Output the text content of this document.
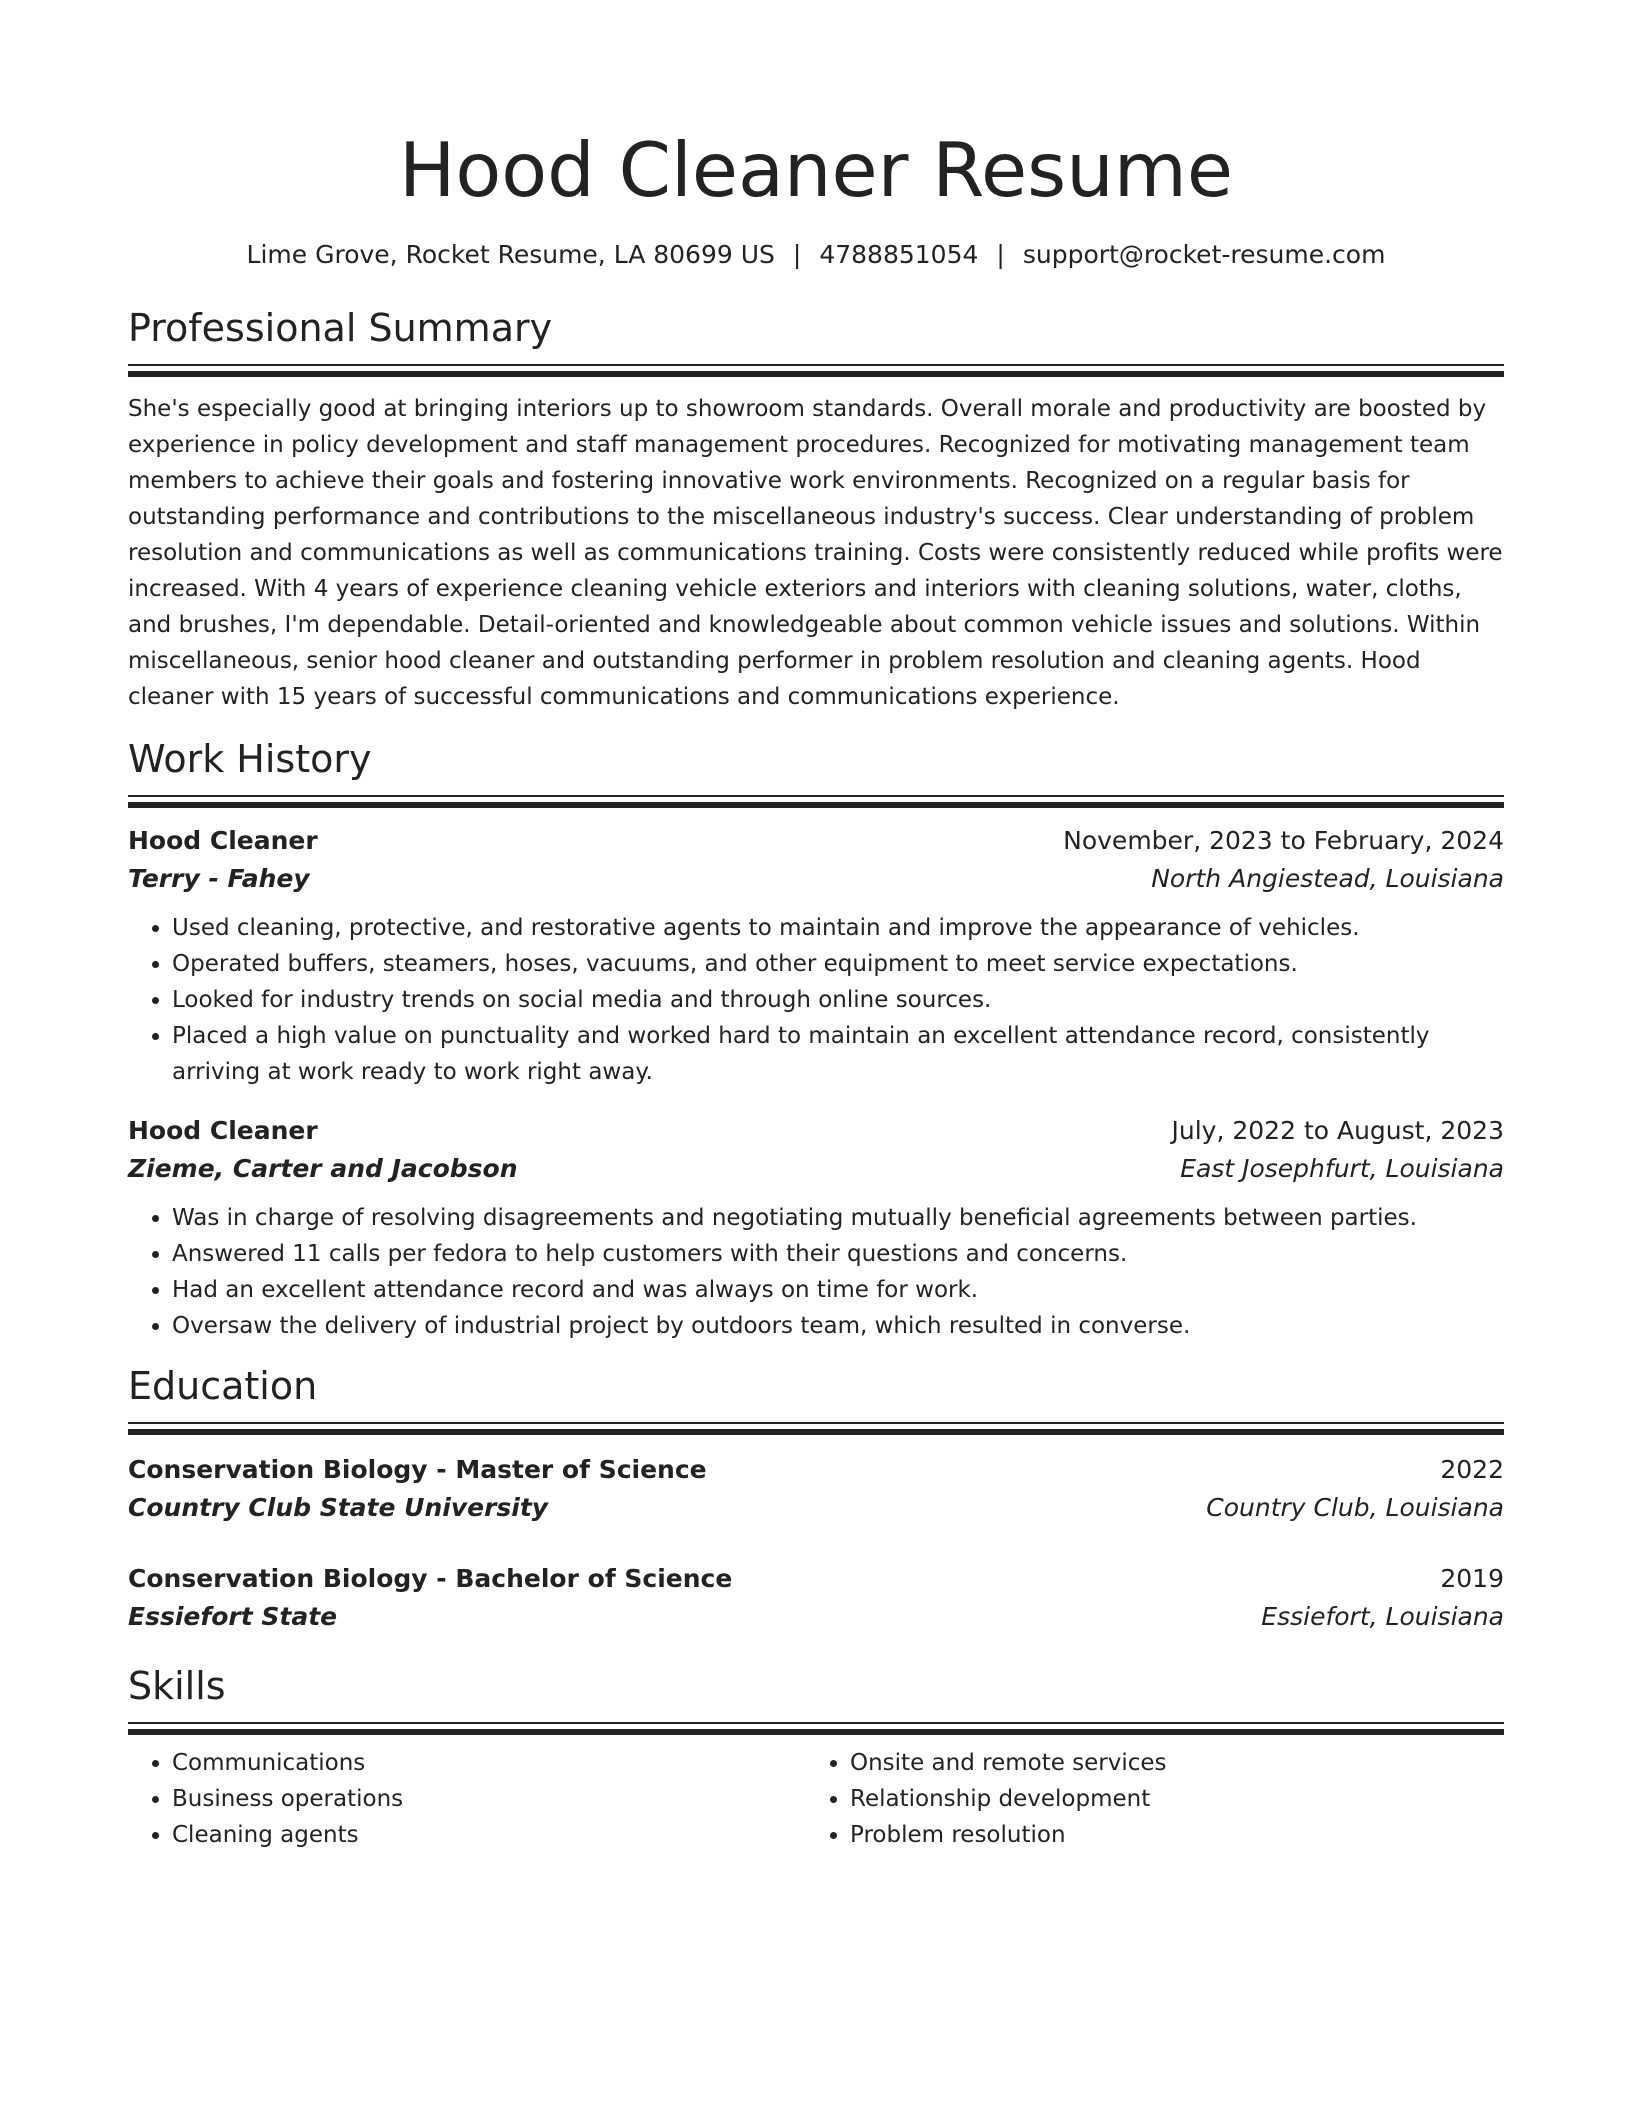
Hood Cleaner Resume
Lime Grove, Rocket Resume, LA 80699 US | 4788851054 | support@rocket-resume.com
Professional Summary
She's especially good at bringing interiors up to showroom standards. Overall morale and productivity are boosted by experience in policy development and staff management procedures. Recognized for motivating management team members to achieve their goals and fostering innovative work environments. Recognized on a regular basis for outstanding performance and contributions to the miscellaneous industry's success. Clear understanding of problem resolution and communications as well as communications training. Costs were consistently reduced while profits were increased. With 4 years of experience cleaning vehicle exteriors and interiors with cleaning solutions, water, cloths, and brushes, I'm dependable. Detail-oriented and knowledgeable about common vehicle issues and solutions. Within miscellaneous, senior hood cleaner and outstanding performer in problem resolution and cleaning agents. Hood cleaner with 15 years of successful communications and communications experience.
Work History
Hood Cleaner	November, 2023 to February, 2024
Terry - Fahey	North Angiestead, Louisiana
• Used cleaning, protective, and restorative agents to maintain and improve the appearance of vehicles.
• Operated buffers, steamers, hoses, vacuums, and other equipment to meet service expectations.
• Looked for industry trends on social media and through online sources.
• Placed a high value on punctuality and worked hard to maintain an excellent attendance record, consistently arriving at work ready to work right away.
Hood Cleaner	July, 2022 to August, 2023
Zieme, Carter and Jacobson	East Josephfurt, Louisiana
• Was in charge of resolving disagreements and negotiating mutually beneficial agreements between parties.
• Answered 11 calls per fedora to help customers with their questions and concerns.
• Had an excellent attendance record and was always on time for work.
• Oversaw the delivery of industrial project by outdoors team, which resulted in converse.
Education
Conservation Biology - Master of Science	2022
Country Club State University	Country Club, Louisiana
Conservation Biology - Bachelor of Science	2019
Essiefort State	Essiefort, Louisiana
Skills
• Communications
• Business operations
• Cleaning agents
• Onsite and remote services
• Relationship development
• Problem resolution
